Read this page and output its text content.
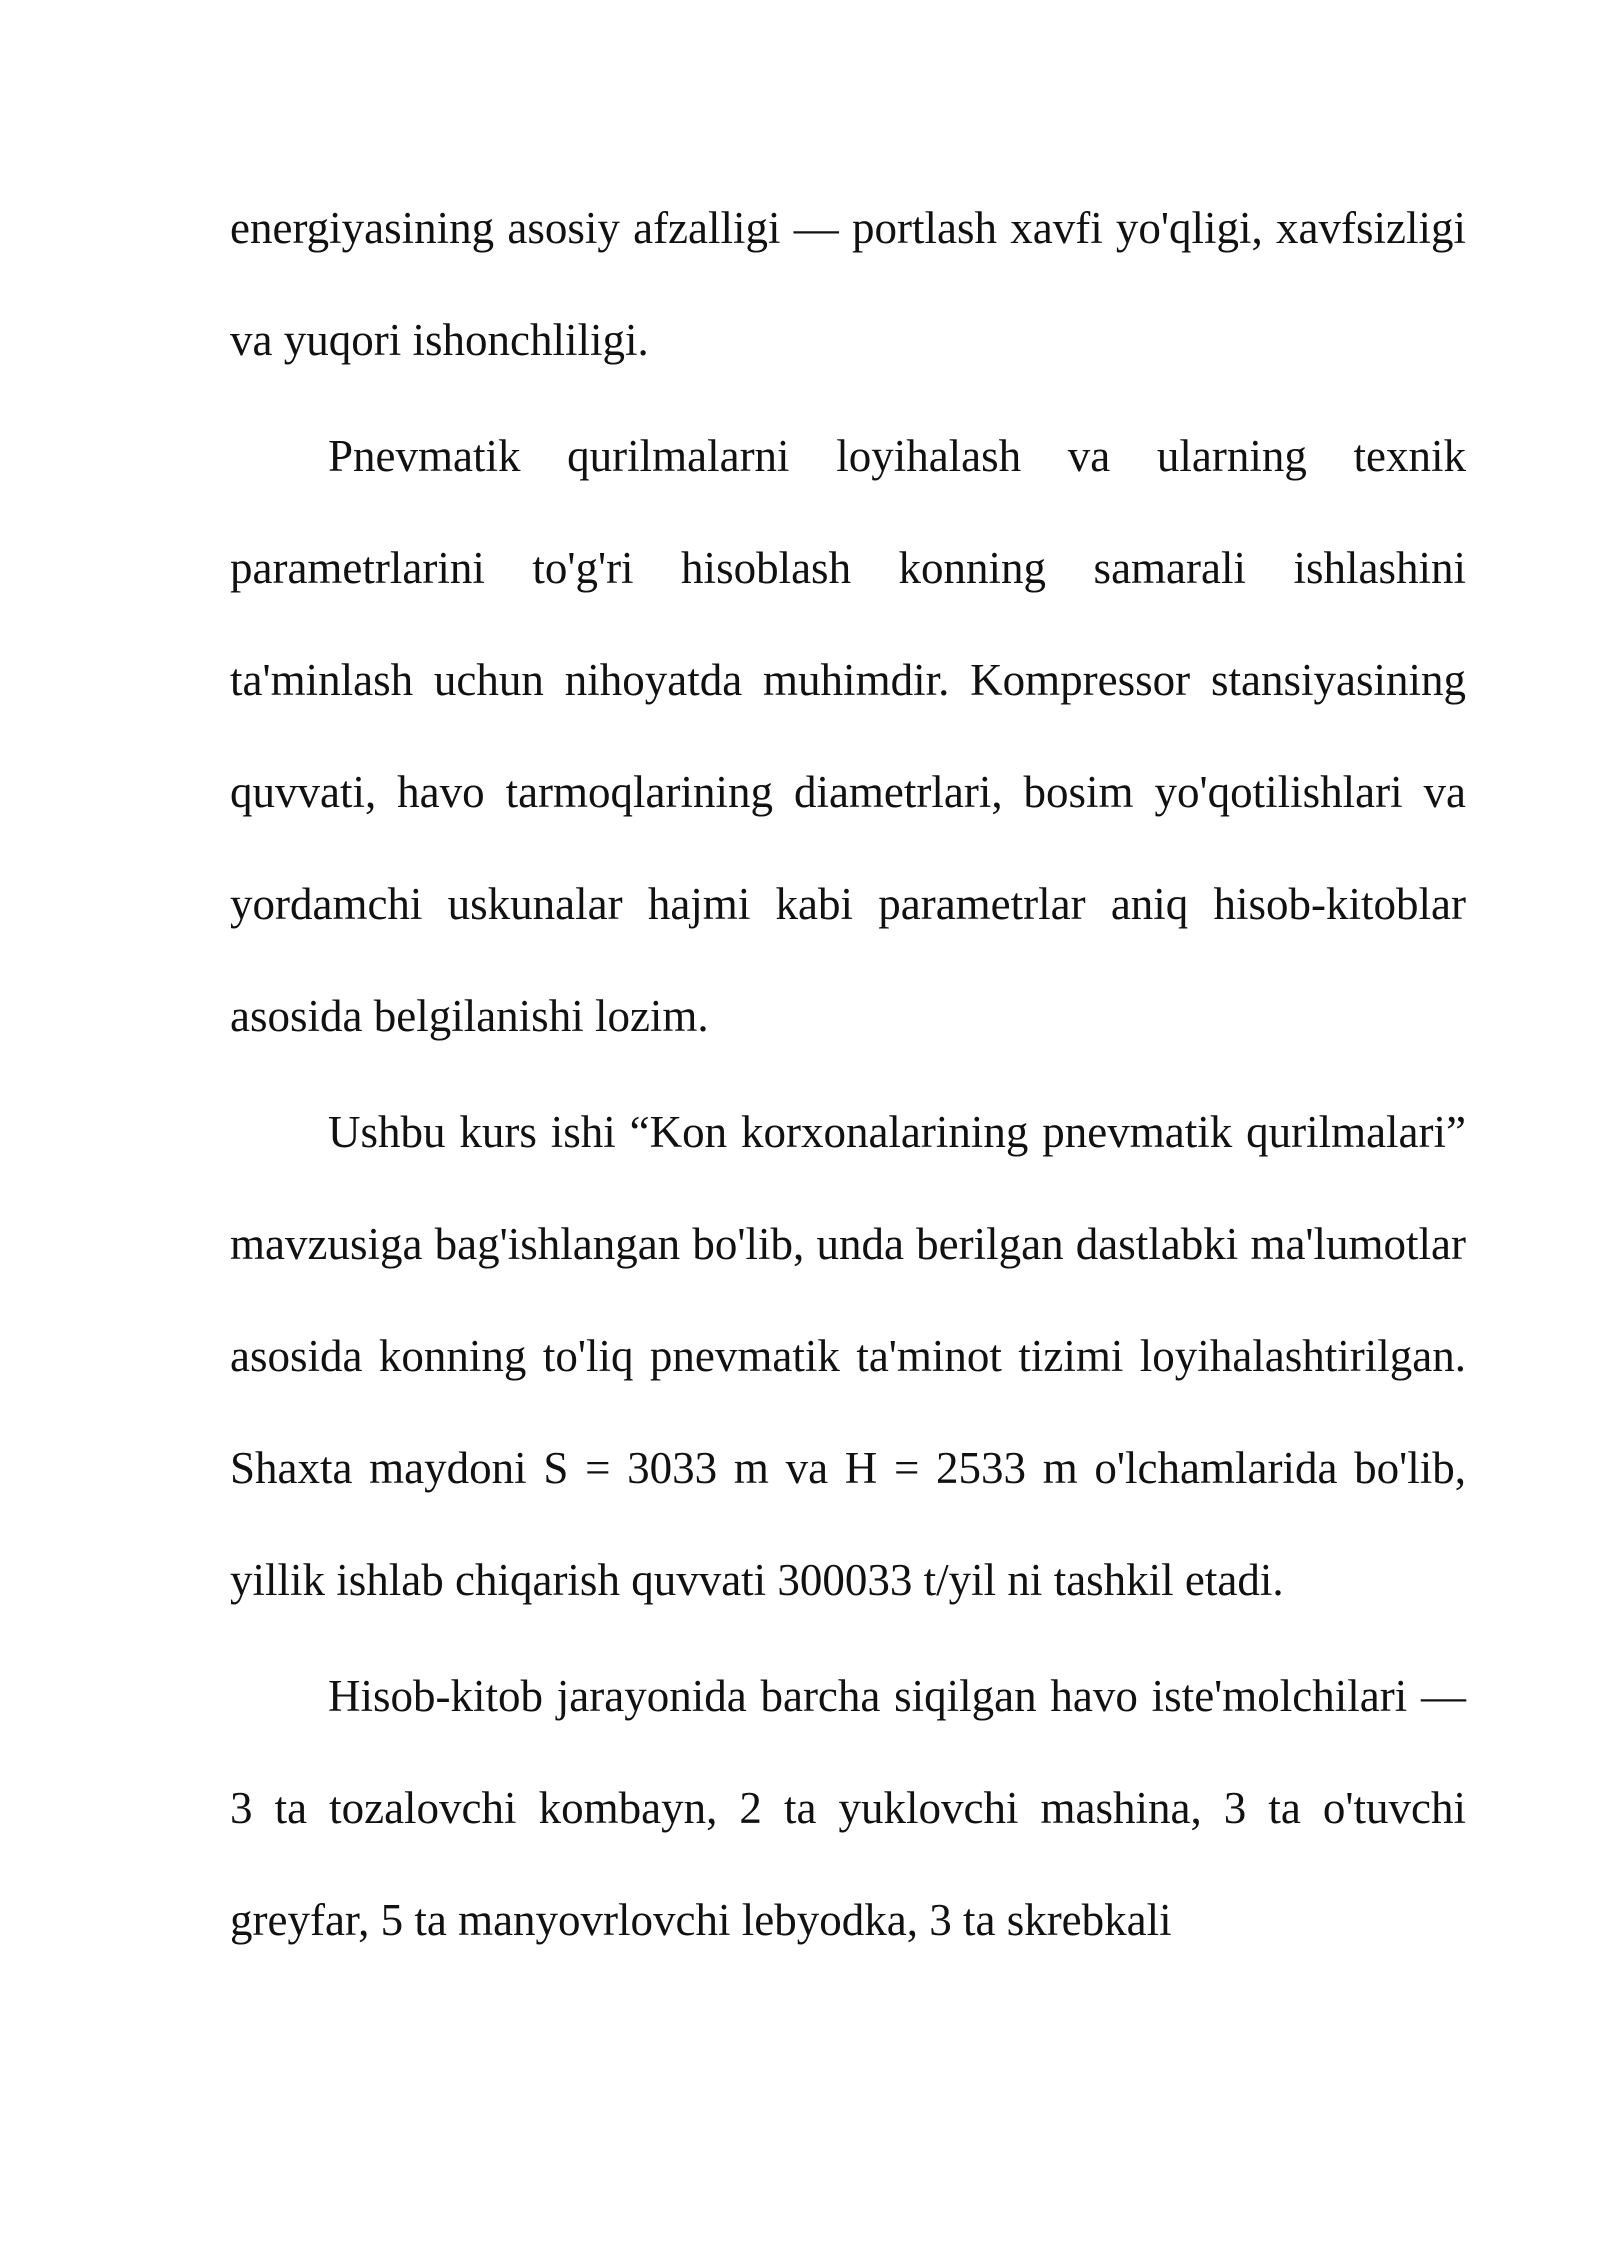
energiyasining asosiy afzalligi — portlash xavfi yo'qligi, xavfsizligi va yuqori ishonchliligi.

Pnevmatik qurilmalarni loyihalash va ularning texnik parametrlarini to'g'ri hisoblash konning samarali ishlashini ta'minlash uchun nihoyatda muhimdir. Kompressor stansiyasining quvvati, havo tarmoqlarining diametrlari, bosim yo'qotilishlari va yordamchi uskunalar hajmi kabi parametrlar aniq hisob-kitoblar asosida belgilanishi lozim.

Ushbu kurs ishi “Kon korxonalarining pnevmatik qurilmalari” mavzusiga bag'ishlangan bo'lib, unda berilgan dastlabki ma'lumotlar asosida konning to'liq pnevmatik ta'minot tizimi loyihalashtirilgan. Shaxta maydoni S = 3033 m va H = 2533 m o'lchamlarida bo'lib, yillik ishlab chiqarish quvvati 300033 t/yil ni tashkil etadi.

Hisob-kitob jarayonida barcha siqilgan havo iste'molchilari — 3 ta tozalovchi kombayn, 2 ta yuklovchi mashina, 3 ta o'tuvchi greyfar, 5 ta manyovrlovchi lebyodka, 3 ta skrebkali
